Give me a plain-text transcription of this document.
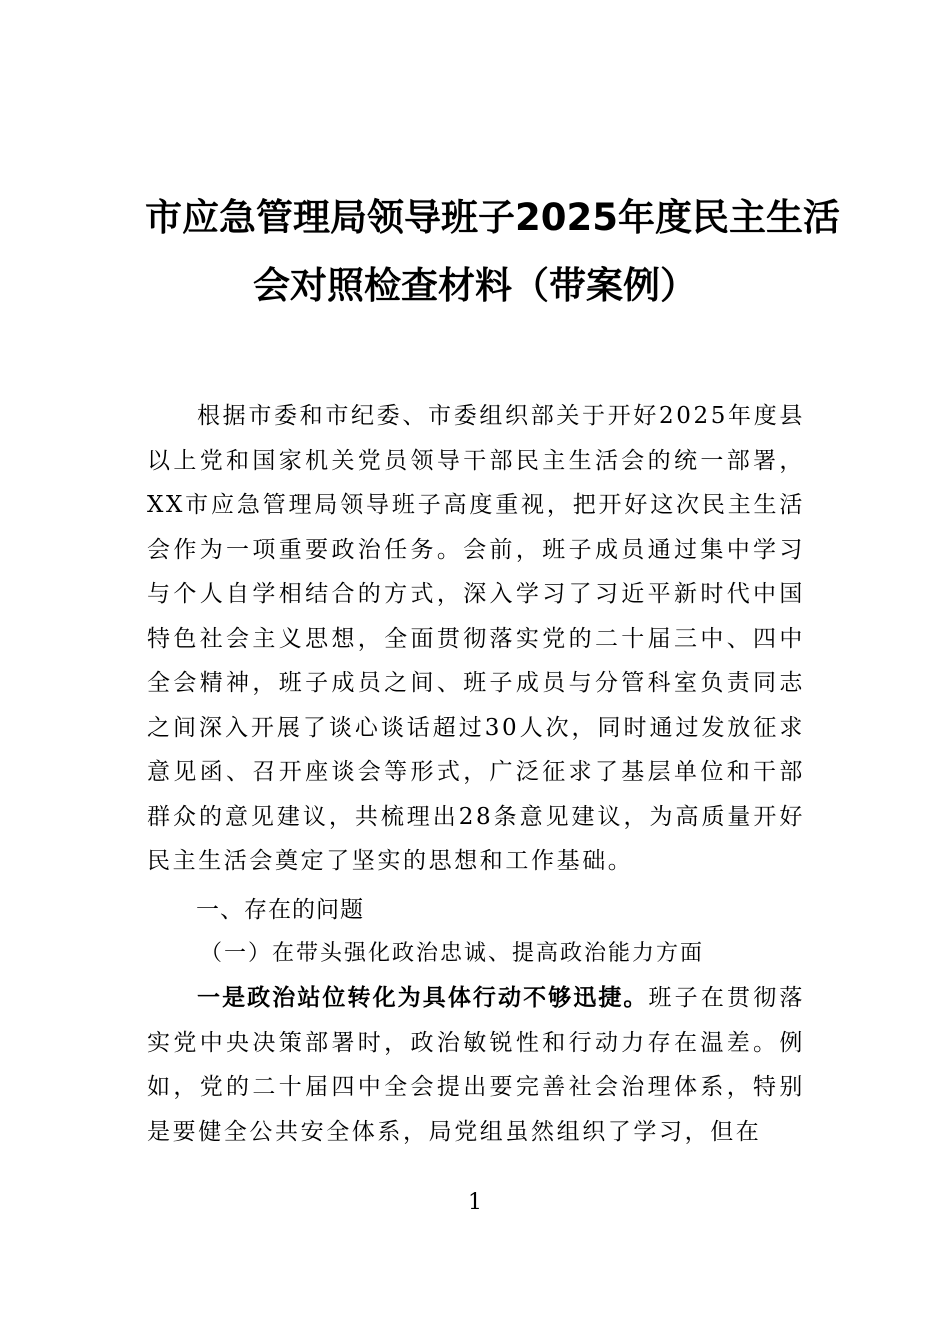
市应急管理局领导班子2025年度民主生活
会对照检查材料（带案例）

根据市委和市纪委、市委组织部关于开好2025年度县以上党和国家机关党员领导干部民主生活会的统一部署，XX市应急管理局领导班子高度重视，把开好这次民主生活会作为一项重要政治任务。会前，班子成员通过集中学习与个人自学相结合的方式，深入学习了习近平新时代中国特色社会主义思想，全面贯彻落实党的二十届三中、四中全会精神，班子成员之间、班子成员与分管科室负责同志之间深入开展了谈心谈话超过30人次，同时通过发放征求意见函、召开座谈会等形式，广泛征求了基层单位和干部群众的意见建议，共梳理出28条意见建议，为高质量开好民主生活会奠定了坚实的思想和工作基础。

一、存在的问题

（一）在带头强化政治忠诚、提高政治能力方面

一是政治站位转化为具体行动不够迅捷。班子在贯彻落实党中央决策部署时，政治敏锐性和行动力存在温差。例如，党的二十届四中全会提出要完善社会治理体系，特别是要健全公共安全体系，局党组虽然组织了学习，但在

1
